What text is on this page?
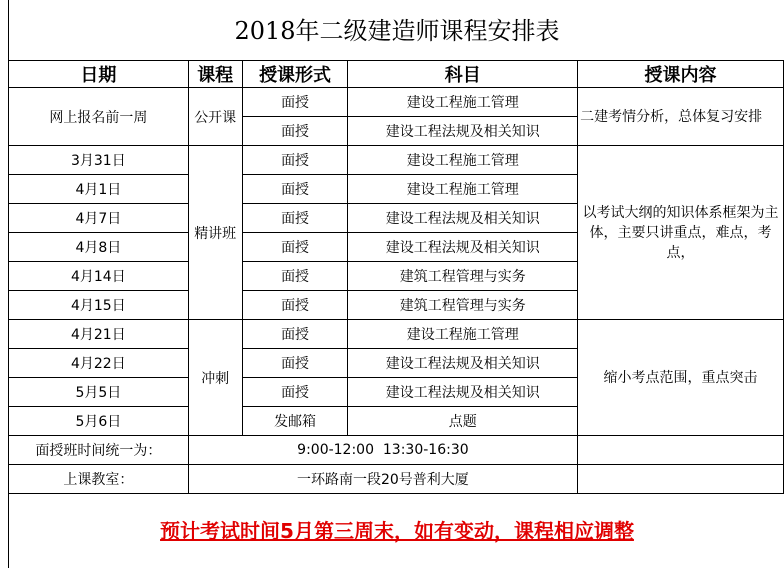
2018年二级建造师课程安排表
日期	课程	授课形式	科目	授课内容
网上报名前一周	公开课	面授	建设工程施工管理	二建考情分析，总体复习安排
		面授	建设工程法规及相关知识	
3月31日	精讲班	面授	建设工程施工管理	以考试大纲的知识体系框架为主体，主要只讲重点，难点，考点，
4月1日		面授	建设工程施工管理	
4月7日		面授	建设工程法规及相关知识	
4月8日		面授	建设工程法规及相关知识	
4月14日		面授	建筑工程管理与实务	
4月15日		面授	建筑工程管理与实务	
4月21日	冲刺	面授	建设工程施工管理	缩小考点范围，重点突击
4月22日		面授	建设工程法规及相关知识	
5月5日		面授	建设工程法规及相关知识	
5月6日		发邮箱	点题	
面授班时间统一为：	9:00-12:00  13:30-16:30			
上课教室：	一环路南一段20号普利大厦			
预计考试时间5月第三周末，如有变动，课程相应调整
